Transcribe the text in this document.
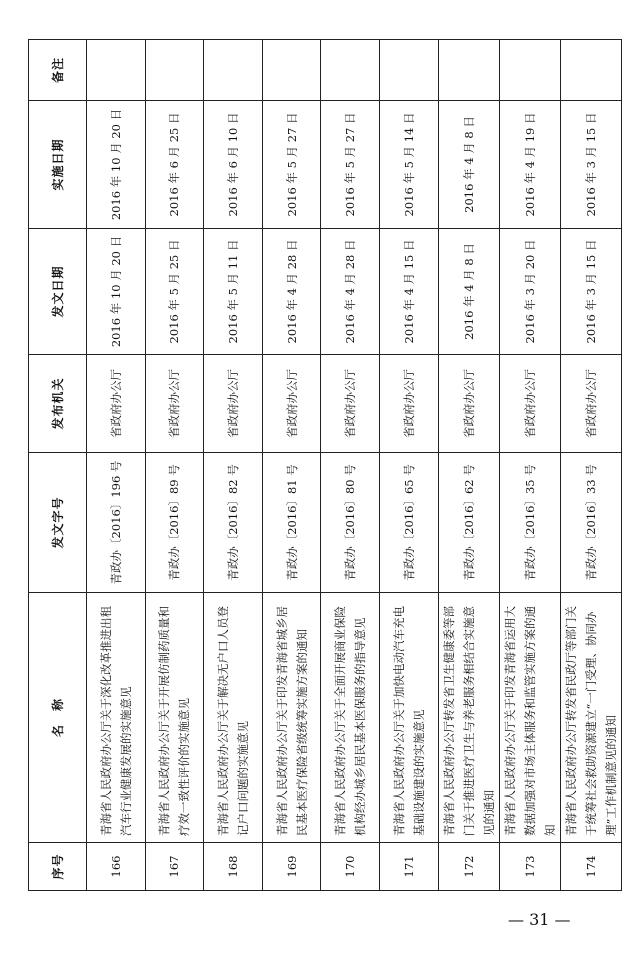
序号	名　称	发文字号	发布机关	发文日期	实施日期	备注
166	青海省人民政府办公厅关于深化改革推进出租汽车行业健康发展的实施意见	青政办〔2016〕196 号	省政府办公厅	2016 年 10 月 20 日	2016 年 10 月 20 日	
167	青海省人民政府办公厅关于开展仿制药质量和疗效一致性评价的实施意见	青政办〔2016〕89 号	省政府办公厅	2016 年 5 月 25 日	2016 年 6 月 25 日	
168	青海省人民政府办公厅关于解决无户口人员登记户口问题的实施意见	青政办〔2016〕82 号	省政府办公厅	2016 年 5 月 11 日	2016 年 6 月 10 日	
169	青海省人民政府办公厅关于印发青海省城乡居民基本医疗保险省级统筹实施方案的通知	青政办〔2016〕81 号	省政府办公厅	2016 年 4 月 28 日	2016 年 5 月 27 日	
170	青海省人民政府办公厅关于全面开展商业保险机构经办城乡居民基本医保服务的指导意见	青政办〔2016〕80 号	省政府办公厅	2016 年 4 月 28 日	2016 年 5 月 27 日	
171	青海省人民政府办公厅关于加快电动汽车充电基础设施建设的实施意见	青政办〔2016〕65 号	省政府办公厅	2016 年 4 月 15 日	2016 年 5 月 14 日	
172	青海省人民政府办公厅转发省卫生健康委等部门关于推进医疗卫生与养老服务相结合实施意见的通知	青政办〔2016〕62 号	省政府办公厅	2016 年 4 月 8 日	2016 年 4 月 8 日	
173	青海省人民政府办公厅关于印发青海省运用大数据加强对市场主体服务和监管实施方案的通知	青政办〔2016〕35 号	省政府办公厅	2016 年 3 月 20 日	2016 年 4 月 19 日	
174	青海省人民政府办公厅转发省民政厅等部门关于统筹社会救助资源建立“一门受理、协同办理”工作机制意见的通知	青政办〔2016〕33 号	省政府办公厅	2016 年 3 月 15 日	2016 年 3 月 15 日	
— 31 —
